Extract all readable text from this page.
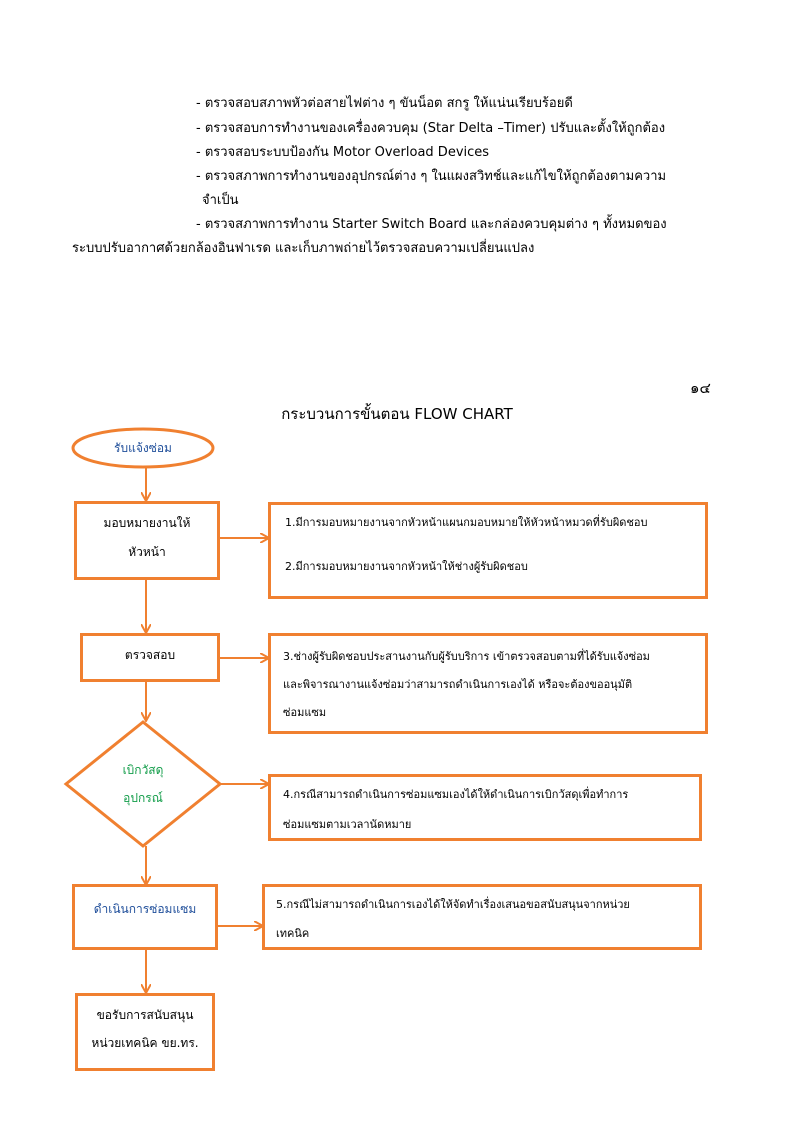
- ตรวจสอบสภาพหัวต่อสายไฟต่าง ๆ ขันน็อต สกรู ให้แน่นเรียบร้อยดี
- ตรวจสอบการทำงานของเครื่องควบคุม (Star Delta –Timer) ปรับและตั้งให้ถูกต้อง
- ตรวจสอบระบบป้องกัน Motor Overload Devices
- ตรวจสภาพการทำงานของอุปกรณ์ต่าง ๆ ในแผงสวิทช์และแก้ไขให้ถูกต้องตามความ
จำเป็น
- ตรวจสภาพการทำงาน Starter Switch Board และกล่องควบคุมต่าง ๆ ทั้งหมดของ
ระบบปรับอากาศด้วยกล้องอินฟาเรด และเก็บภาพถ่ายไว้ตรวจสอบความเปลี่ยนแปลง
๑๔
กระบวนการขั้นตอน FLOW CHART
รับแจ้งซ่อม
มอบหมายงานให้
หัวหน้า
1.มีการมอบหมายงานจากหัวหน้าแผนกมอบหมายให้หัวหน้าหมวดที่รับผิดชอบ
2.มีการมอบหมายงานจากหัวหน้าให้ช่างผู้รับผิดชอบ
ตรวจสอบ	3.ช่างผู้รับผิดชอบประสานงานกับผู้รับบริการ เข้าตรวจสอบตามที่ได้รับแจ้งซ่อม
และพิจารณางานแจ้งซ่อมว่าสามารถดำเนินการเองได้ หรือจะต้องขออนุมัติ
ซ่อมแซม
เบิกวัสดุ
อุปกรณ์	4.กรณีสามารถดำเนินการซ่อมแซมเองได้ให้ดำเนินการเบิกวัสดุเพื่อทำการ
ซ่อมแซมตามเวลานัดหมาย
ดำเนินการซ่อมแซม	5.กรณีไม่สามารถดำเนินการเองได้ให้จัดทำเรื่องเสนอขอสนับสนุนจากหน่วย
เทคนิค
ขอรับการสนับสนุน
หน่วยเทคนิค ขย.ทร.
